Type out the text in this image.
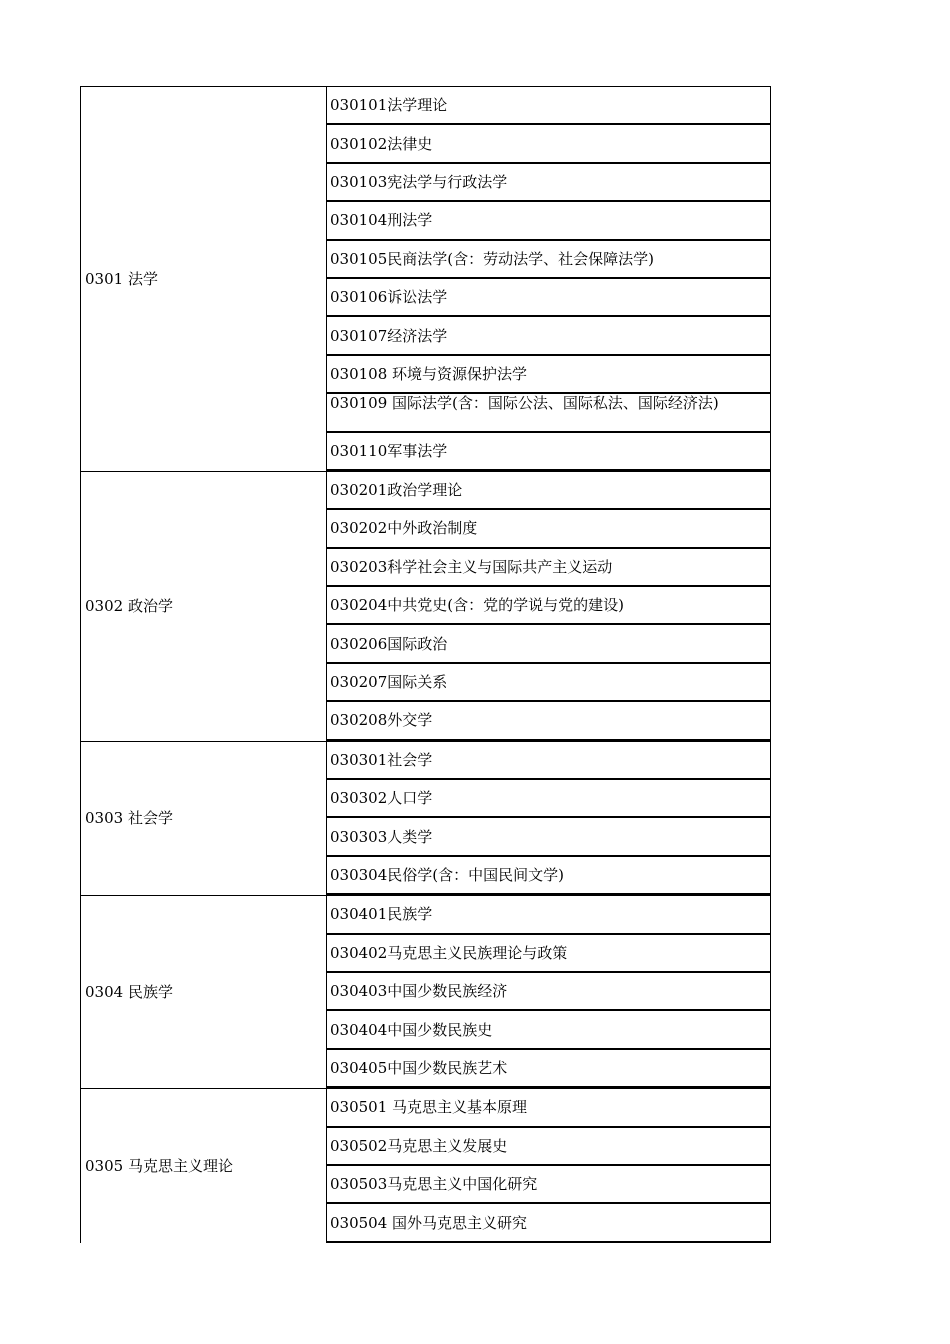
0301 法学
030101法学理论
030102法律史
030103宪法学与行政法学
030104刑法学
030105民商法学(含：劳动法学、社会保障法学)
030106诉讼法学
030107经济法学
030108 环境与资源保护法学
030109 国际法学(含：国际公法、国际私法、国际经济法)
030110军事法学
0302 政治学
030201政治学理论
030202中外政治制度
030203科学社会主义与国际共产主义运动
030204中共党史(含：党的学说与党的建设)
030206国际政治
030207国际关系
030208外交学
0303 社会学
030301社会学
030302人口学
030303人类学
030304民俗学(含：中国民间文学)
0304 民族学
030401民族学
030402马克思主义民族理论与政策
030403中国少数民族经济
030404中国少数民族史
030405中国少数民族艺术
0305 马克思主义理论
030501 马克思主义基本原理
030502马克思主义发展史
030503马克思主义中国化研究
030504 国外马克思主义研究
